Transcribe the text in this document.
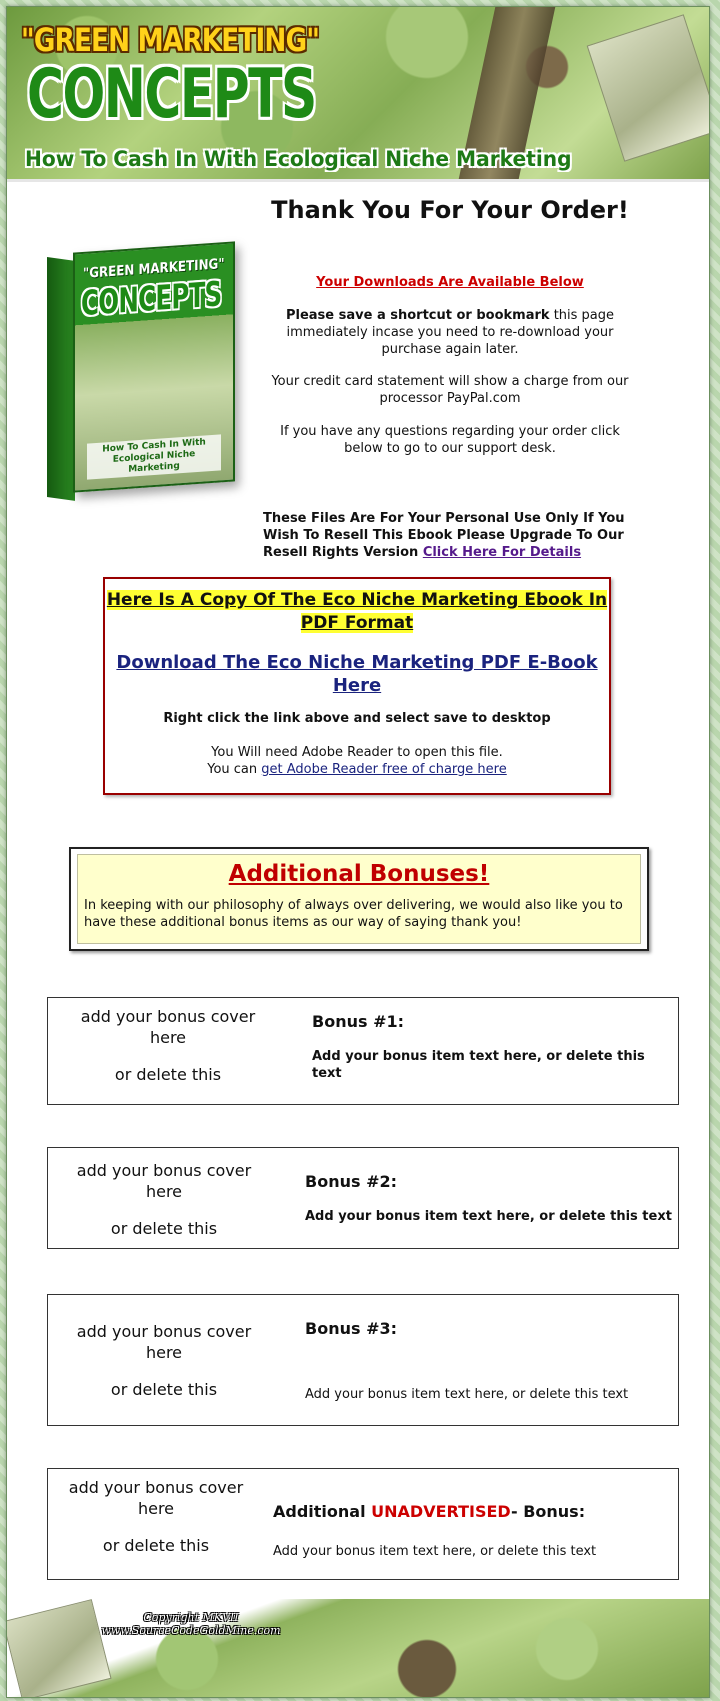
"GREEN MARKETING"
CONCEPTS
How To Cash In With Ecological Niche Marketing
"GREEN MARKETING"
CONCEPTS
How To Cash In With Ecological Niche Marketing
Thank You For Your Order!
Your Downloads Are Available Below
Please save a shortcut or bookmark this page immediately incase you need to re-download your purchase again later.
Your credit card statement will show a charge from our processor PayPal.com
If you have any questions regarding your order click below to go to our support desk.
These Files Are For Your Personal Use Only If You Wish To Resell This Ebook Please Upgrade To Our Resell Rights Version Click Here For Details
Here Is A Copy Of The Eco Niche Marketing Ebook In PDF Format
Download The Eco Niche Marketing PDF E-Book Here
Right click the link above and select save to desktop
You Will need Adobe Reader to open this file.
You can get Adobe Reader free of charge here
Additional Bonuses!
In keeping with our philosophy of always over delivering, we would also like you to have these additional bonus items as our way of saying thank you!
add your bonus cover here
or delete this
Bonus #1:
Add your bonus item text here, or delete this text
add your bonus cover here
or delete this
Bonus #2:
Add your bonus item text here, or delete this text
add your bonus cover here
or delete this
Bonus #3:
Add your bonus item text here, or delete this text
add your bonus cover here
or delete this
Additional UNADVERTISED- Bonus:
Add your bonus item text here, or delete this text
Copyright MKVII
www.SourceCodeGoldMine.com
